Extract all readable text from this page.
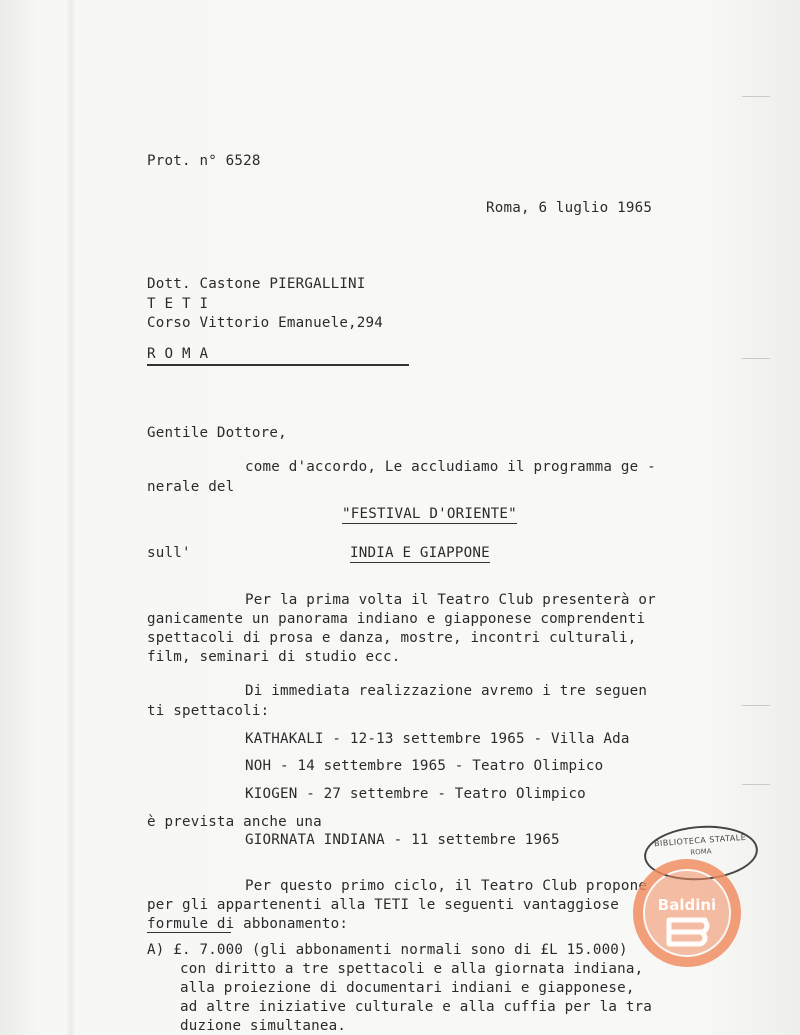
Prot. n° 6528
Roma, 6 luglio 1965
Dott. Castone PIERGALLINI
T E T I
Corso Vittorio Emanuele,294
R O M A
Gentile Dottore,
come d'accordo, Le accludiamo il programma ge -
nerale del
"FESTIVAL D'ORIENTE"
sull'	INDIA E GIAPPONE
Per la prima volta il Teatro Club presenterà or
ganicamente un panorama indiano e giapponese comprendenti
spettacoli di prosa e danza, mostre, incontri culturali,
film, seminari di studio ecc.
Di immediata realizzazione avremo i tre seguen
ti spettacoli:
KATHAKALI - 12-13 settembre 1965 - Villa Ada
NOH - 14 settembre 1965 - Teatro Olimpico
KIOGEN - 27 settembre - Teatro Olimpico
è prevista anche una
GIORNATA INDIANA - 11 settembre 1965
Per questo primo ciclo, il Teatro Club propone
per gli appartenenti alla TETI le seguenti vantaggiose
formule di abbonamento:
A) £. 7.000 (gli abbonamenti normali sono di £L 15.000)
con diritto a tre spettacoli e alla giornata indiana,
alla proiezione di documentari indiani e giapponese,
ad altre iniziative culturale e alla cuffia per la tra
duzione simultanea.
BIBLIOTECA STATALE
ROMA
Baldini
